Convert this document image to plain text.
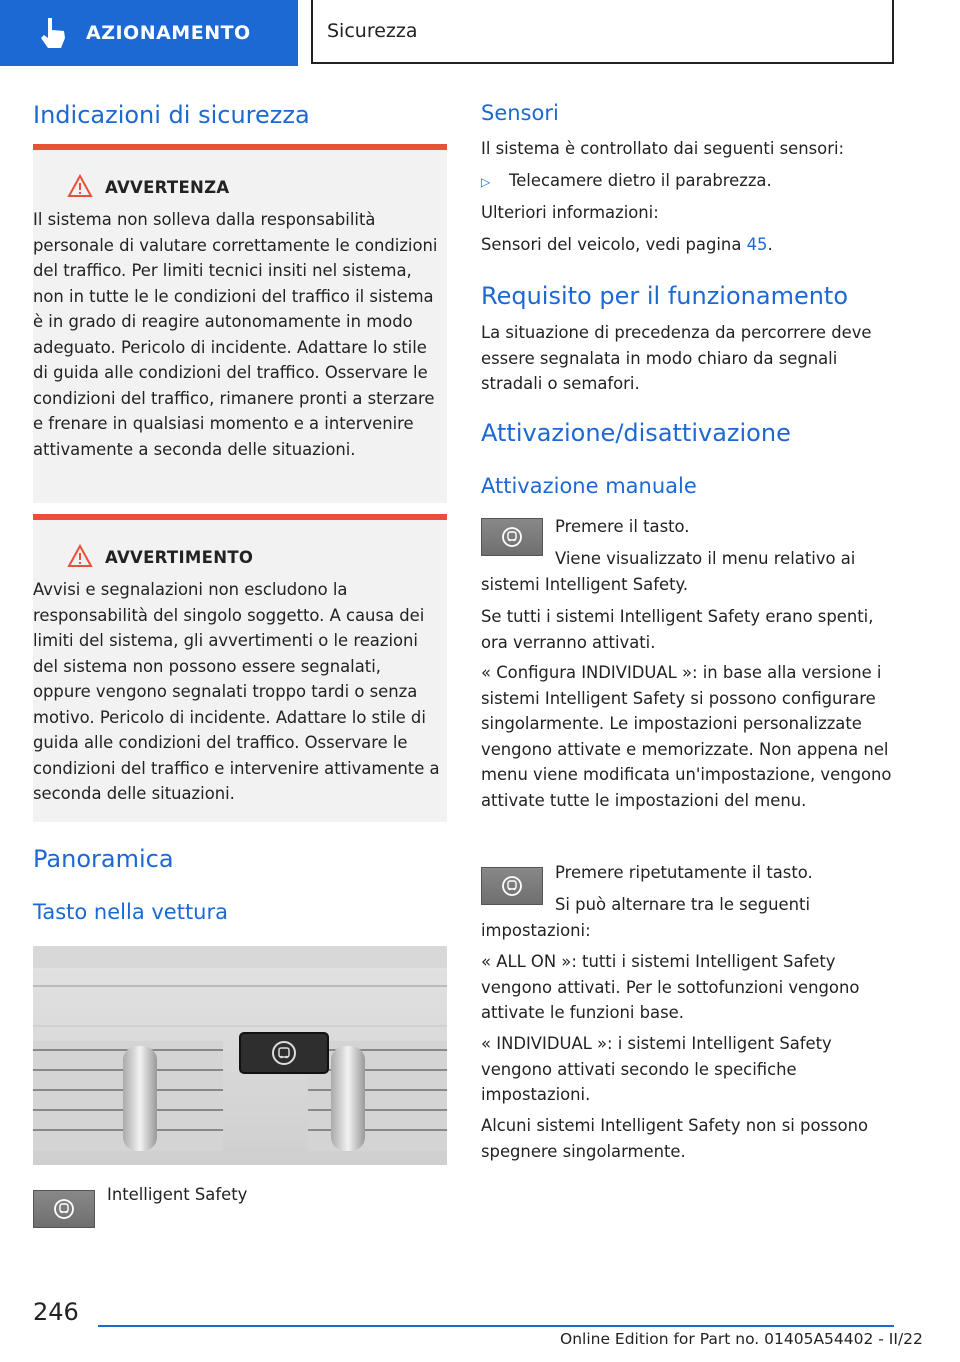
AZIONAMENTO	Sicurezza
Indicazioni di sicurezza
AVVERTENZA
Il sistema non solleva dalla responsabilità personale di valutare correttamente le condizioni del traffico. Per limiti tecnici insiti nel sistema, non in tutte le le condizioni del traffico il sistema è in grado di reagire autonomamente in modo adeguato. Pericolo di incidente. Adattare lo stile di guida alle condizioni del traffico. Osservare le condizioni del traffico, rimanere pronti a sterzare e frenare in qualsiasi momento e a intervenire attivamente a seconda delle situazioni.
AVVERTIMENTO
Avvisi e segnalazioni non escludono la responsabilità del singolo soggetto. A causa dei limiti del sistema, gli avvertimenti o le reazioni del sistema non possono essere segnalati, oppure vengono segnalati troppo tardi o senza motivo. Pericolo di incidente. Adattare lo stile di guida alle condizioni del traffico. Osservare le condizioni del traffico e intervenire attivamente a seconda delle situazioni.
Panoramica
Tasto nella vettura
Intelligent Safety
Sensori
Il sistema è controllato dai seguenti sensori:
▷ Telecamere dietro il parabrezza.
Ulteriori informazioni:
Sensori del veicolo, vedi pagina 45.
Requisito per il funzionamento
La situazione di precedenza da percorrere deve essere segnalata in modo chiaro da segnali stradali o semafori.
Attivazione/disattivazione
Attivazione manuale
Premere il tasto.
Viene visualizzato il menu relativo ai sistemi Intelligent Safety.
Se tutti i sistemi Intelligent Safety erano spenti, ora verranno attivati.
« Configura INDIVIDUAL »: in base alla versione i sistemi Intelligent Safety si possono configurare singolarmente. Le impostazioni personalizzate vengono attivate e memorizzate. Non appena nel menu viene modificata un'impostazione, vengono attivate tutte le impostazioni del menu.
Premere ripetutamente il tasto.
Si può alternare tra le seguenti impostazioni:
« ALL ON »: tutti i sistemi Intelligent Safety vengono attivati. Per le sottofunzioni vengono attivate le funzioni base.
« INDIVIDUAL »: i sistemi Intelligent Safety vengono attivati secondo le specifiche impostazioni.
Alcuni sistemi Intelligent Safety non si possono spegnere singolarmente.
246
Online Edition for Part no. 01405A54402 - II/22
